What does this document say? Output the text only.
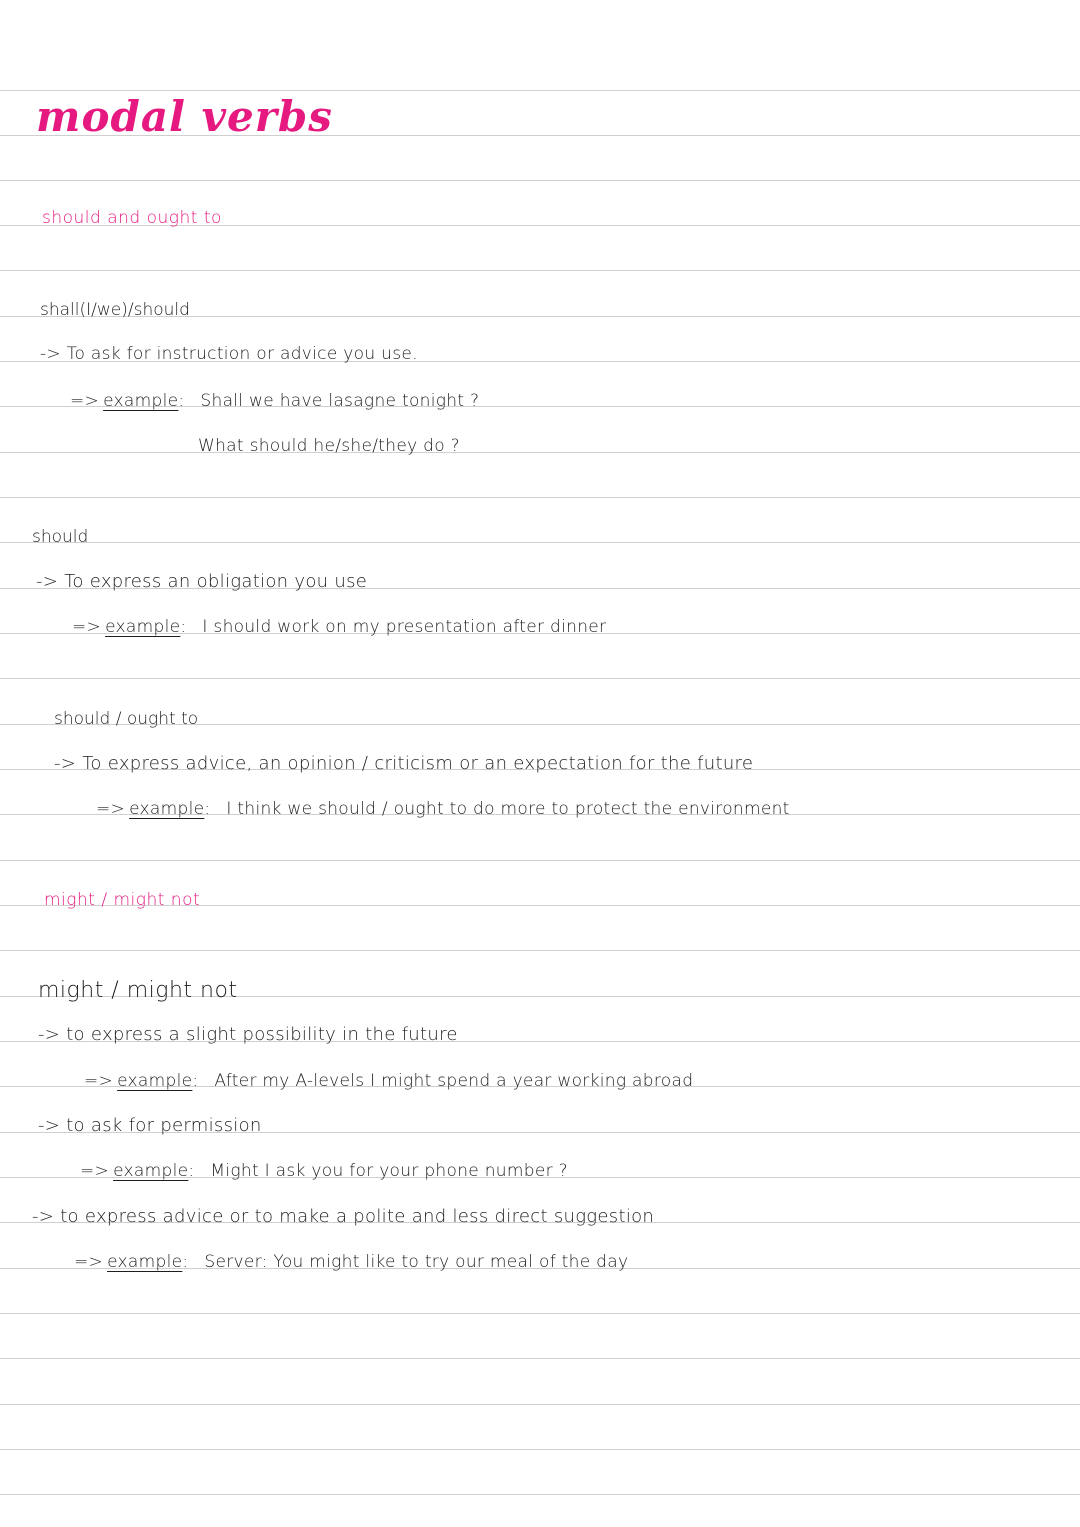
modal verbs
should and ought to
shall(I/we)/should
-> To ask for instruction or advice you use.
=> example: Shall we have lasagne tonight ?
What should he/she/they do ?
should
-> To express an obligation you use
=> example: I should work on my presentation after dinner
should / ought to
-> To express advice, an opinion / criticism or an expectation for the future
=> example: I think we should / ought to do more to protect the environment
might / might not
might / might not
-> to express a slight possibility in the future
=> example: After my A-levels I might spend a year working abroad
-> to ask for permission
=> example: Might I ask you for your phone number ?
-> to express advice or to make a polite and less direct suggestion
=> example: Server: You might like to try our meal of the day
